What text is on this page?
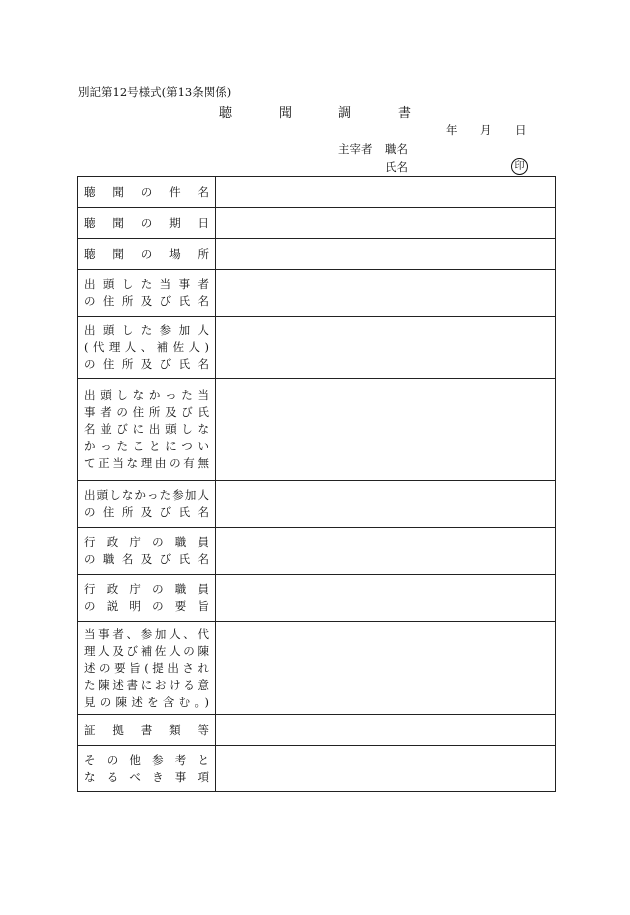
別記第12号様式(第13条関係)
聴	聞	調	書
年 月 日
主宰者 職名
氏名	印
聴聞の件名	

聴聞の期日	

聴聞の場所	

出頭した当事者
の住所及び氏名	

出頭した参加人
(代理人、補佐人)
の住所及び氏名	

出頭しなかった当
事者の住所及び氏
名並びに出頭しな
かったことについ
て正当な理由の有無	

出頭しなかった参加人
の住所及び氏名	

行政庁の職員
の職名及び氏名	

行政庁の職員
の説明の要旨	

当事者、参加人、代
理人及び補佐人の陳
述の要旨(提出され
た陳述書における意
見の陳述を含む。)	

証拠書類等	

その他参考と
なるべき事項	
